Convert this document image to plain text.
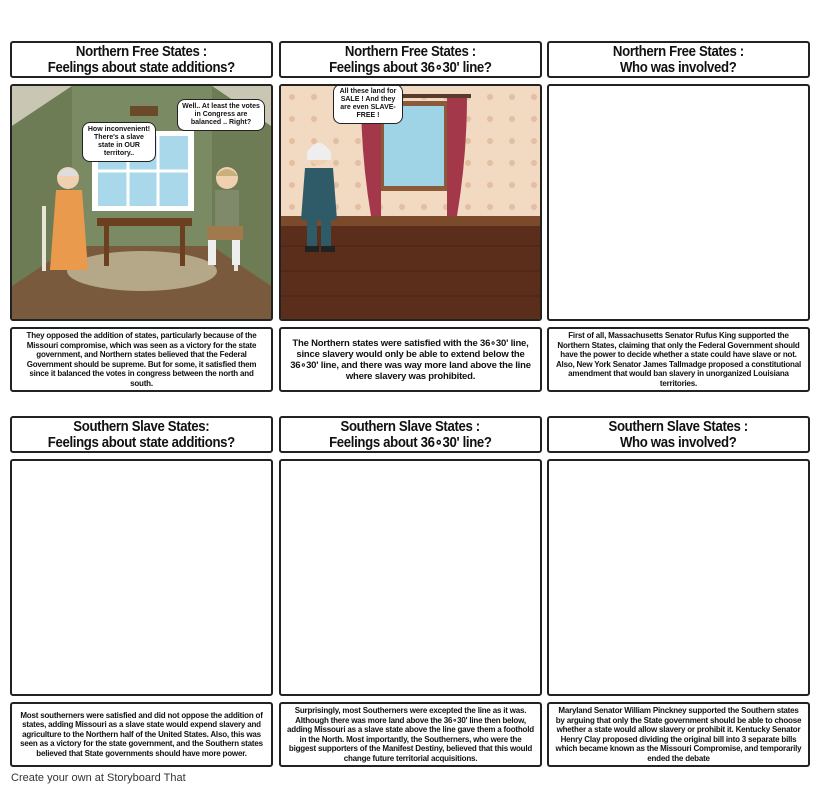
Northern Free States :
Feelings about state additions?
Northern Free States :
Feelings about 36∘30' line?
Northern Free States :
Who was involved?
How inconvenient! There's a slave state in OUR territory..
Well.. At least the votes in Congress are balanced .. Right?
All these land for SALE ! And they are even SLAVE-FREE !
They opposed the addition of states, particularly because of the Missouri compromise, which was seen as a victory for the state government, and Northern states believed that the Federal Government should be supreme. But for some, it satisfied them since it balanced the votes in congress between the north and south.
The Northern states were satisfied with the 36∘30' line, since slavery would only be able to extend below the 36∘30' line, and there was way more land above the line where slavery was prohibited.
First of all, Massachusetts Senator Rufus King supported the Northern States, claiming that only the Federal Government should have the power to decide whether a state could have slave or not. Also, New York Senator James Tallmadge proposed a constitutional amendment that would ban slavery in unorganized Louisiana territories.
Southern Slave States:
Feelings about state additions?
Southern Slave States :
Feelings about 36∘30' line?
Southern Slave States :
Who was involved?
Most southerners were satisfied and did not oppose the addition of states, adding Missouri as a slave state would expend slavery and agriculture to the Northern half of the United States. Also, this was seen as a victory for the state government, and the Southern states believed that State governments should have more power.
Surprisingly, most Southerners were excepted the line as it was. Although there was more land above the 36∘30' line then below, adding Missouri as a slave state above the line gave them a foothold in the North. Most importantly, the Southerners, who were the biggest supporters of the Manifest Destiny, believed that this would change future territorial acquisitions.
Maryland Senator William Pinckney supported the Southern states by arguing that only the State government should be able to choose whether a state would allow slavery or prohibit it. Kentucky Senator Henry Clay proposed dividing the original bill into 3 separate bills which became known as the Missouri Compromise, and temporarily ended the debate
Create your own at Storyboard That
